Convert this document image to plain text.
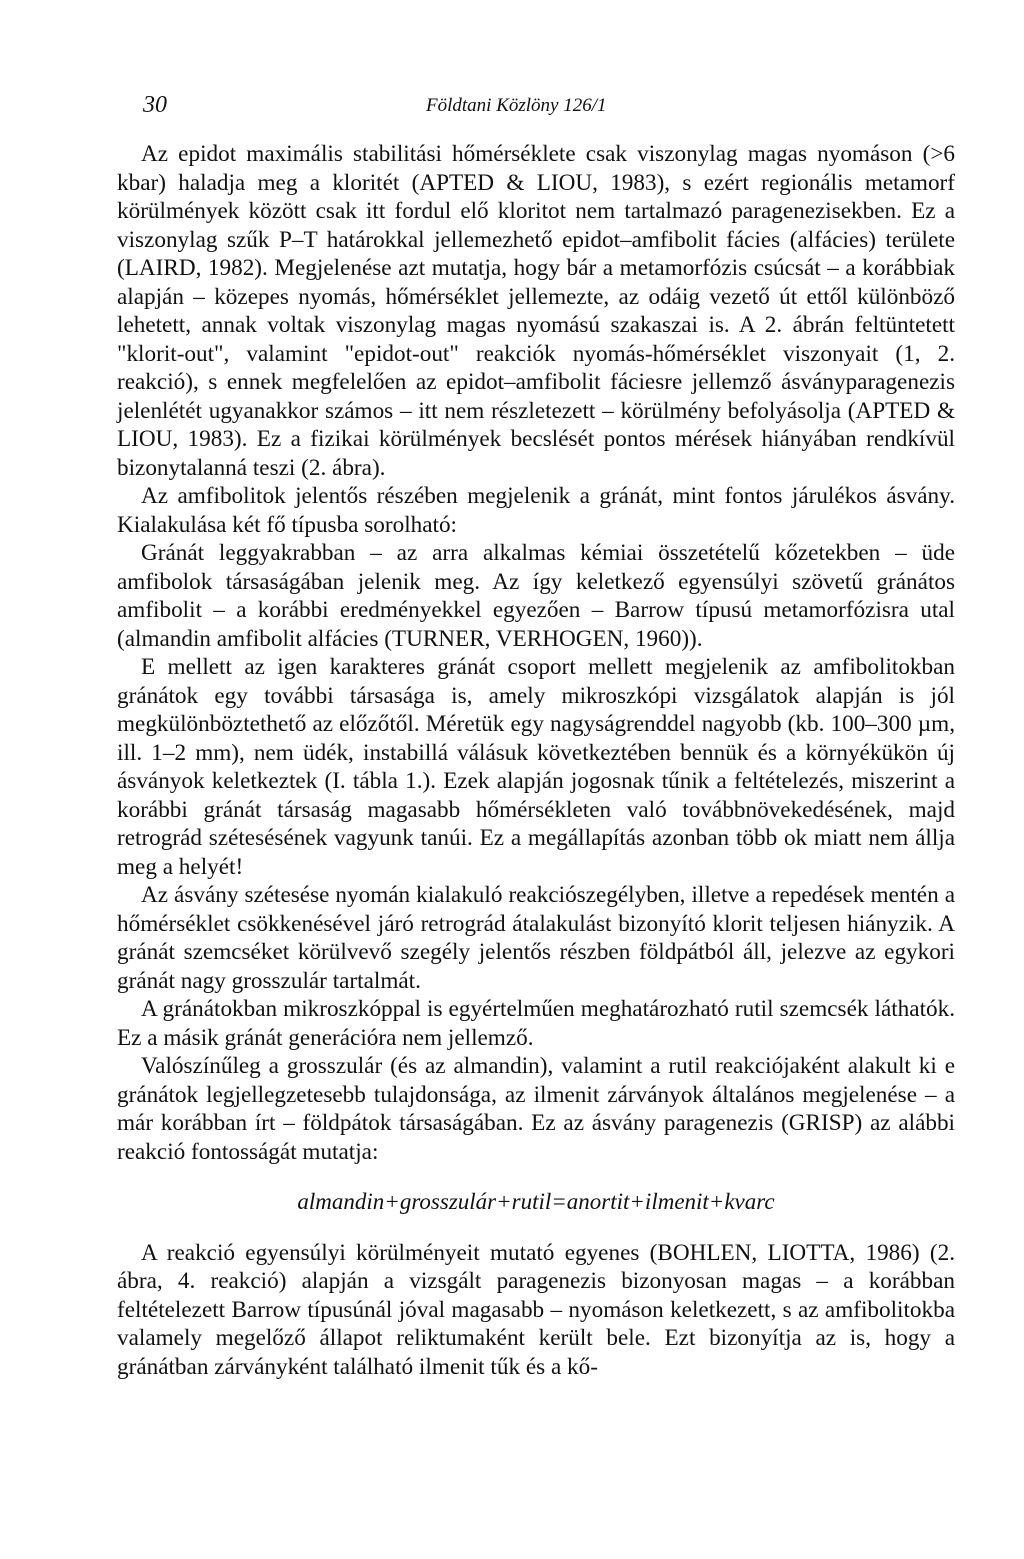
30	Földtani Közlöny 126/1

Az epidot maximális stabilitási hőmérséklete csak viszonylag magas nyomáson (>6 kbar) haladja meg a kloritét (APTED & LIOU, 1983), s ezért regionális metamorf körülmények között csak itt fordul elő kloritot nem tartalmazó paragenezisekben. Ez a viszonylag szűk P–T határokkal jellemezhető epidot–amfibolit fácies (alfácies) területe (LAIRD, 1982). Megjelenése azt mutatja, hogy bár a metamorfózis csúcsát – a korábbiak alapján – közepes nyomás, hőmérséklet jellemezte, az odáig vezető út ettől különböző lehetett, annak voltak viszonylag magas nyomású szakaszai is. A 2. ábrán feltüntetett "klorit-out", valamint "epidot-out" reakciók nyomás-hőmérséklet viszonyait (1, 2. reakció), s ennek megfelelően az epidot–amfibolit fáciesre jellemző ásványparagenezis jelenlétét ugyanakkor számos – itt nem részletezett – körülmény befolyásolja (APTED & LIOU, 1983). Ez a fizikai körülmények becslését pontos mérések hiányában rendkívül bizonytalanná teszi (2. ábra).

Az amfibolitok jelentős részében megjelenik a gránát, mint fontos járulékos ásvány. Kialakulása két fő típusba sorolható:

Gránát leggyakrabban – az arra alkalmas kémiai összetételű kőzetekben – üde amfibolok társaságában jelenik meg. Az így keletkező egyensúlyi szövetű gránátos amfibolit – a korábbi eredményekkel egyezően – Barrow típusú metamorfózisra utal (almandin amfibolit alfácies (TURNER, VERHOGEN, 1960)).

E mellett az igen karakteres gránát csoport mellett megjelenik az amfibolitokban gránátok egy további társasága is, amely mikroszkópi vizsgálatok alapján is jól megkülönböztethető az előzőtől. Méretük egy nagyságrenddel nagyobb (kb. 100–300 µm, ill. 1–2 mm), nem üdék, instabillá válásuk következtében bennük és a környékükön új ásványok keletkeztek (I. tábla 1.). Ezek alapján jogosnak tűnik a feltételezés, miszerint a korábbi gránát társaság magasabb hőmérsékleten való továbbnövekedésének, majd retrográd szétesésének vagyunk tanúi. Ez a megállapítás azonban több ok miatt nem állja meg a helyét!

Az ásvány szétesése nyomán kialakuló reakciószegélyben, illetve a repedések mentén a hőmérséklet csökkenésével járó retrográd átalakulást bizonyító klorit teljesen hiányzik. A gránát szemcséket körülvevő szegély jelentős részben földpátból áll, jelezve az egykori gránát nagy grosszulár tartalmát.

A gránátokban mikroszkóppal is egyértelműen meghatározható rutil szemcsék láthatók. Ez a másik gránát generációra nem jellemző.

Valószínűleg a grosszulár (és az almandin), valamint a rutil reakciójaként alakult ki e gránátok legjellegzetesebb tulajdonsága, az ilmenit zárványok általános megjelenése – a már korábban írt – földpátok társaságában. Ez az ásvány paragenezis (GRISP) az alábbi reakció fontosságát mutatja:

almandin+grosszulár+rutil=anortit+ilmenit+kvarc

A reakció egyensúlyi körülményeit mutató egyenes (BOHLEN, LIOTTA, 1986) (2. ábra, 4. reakció) alapján a vizsgált paragenezis bizonyosan magas – a korábban feltételezett Barrow típusúnál jóval magasabb – nyomáson keletkezett, s az amfibolitokba valamely megelőző állapot reliktumaként került bele. Ezt bizonyítja az is, hogy a gránátban zárványként található ilmenit tűk és a kő-
